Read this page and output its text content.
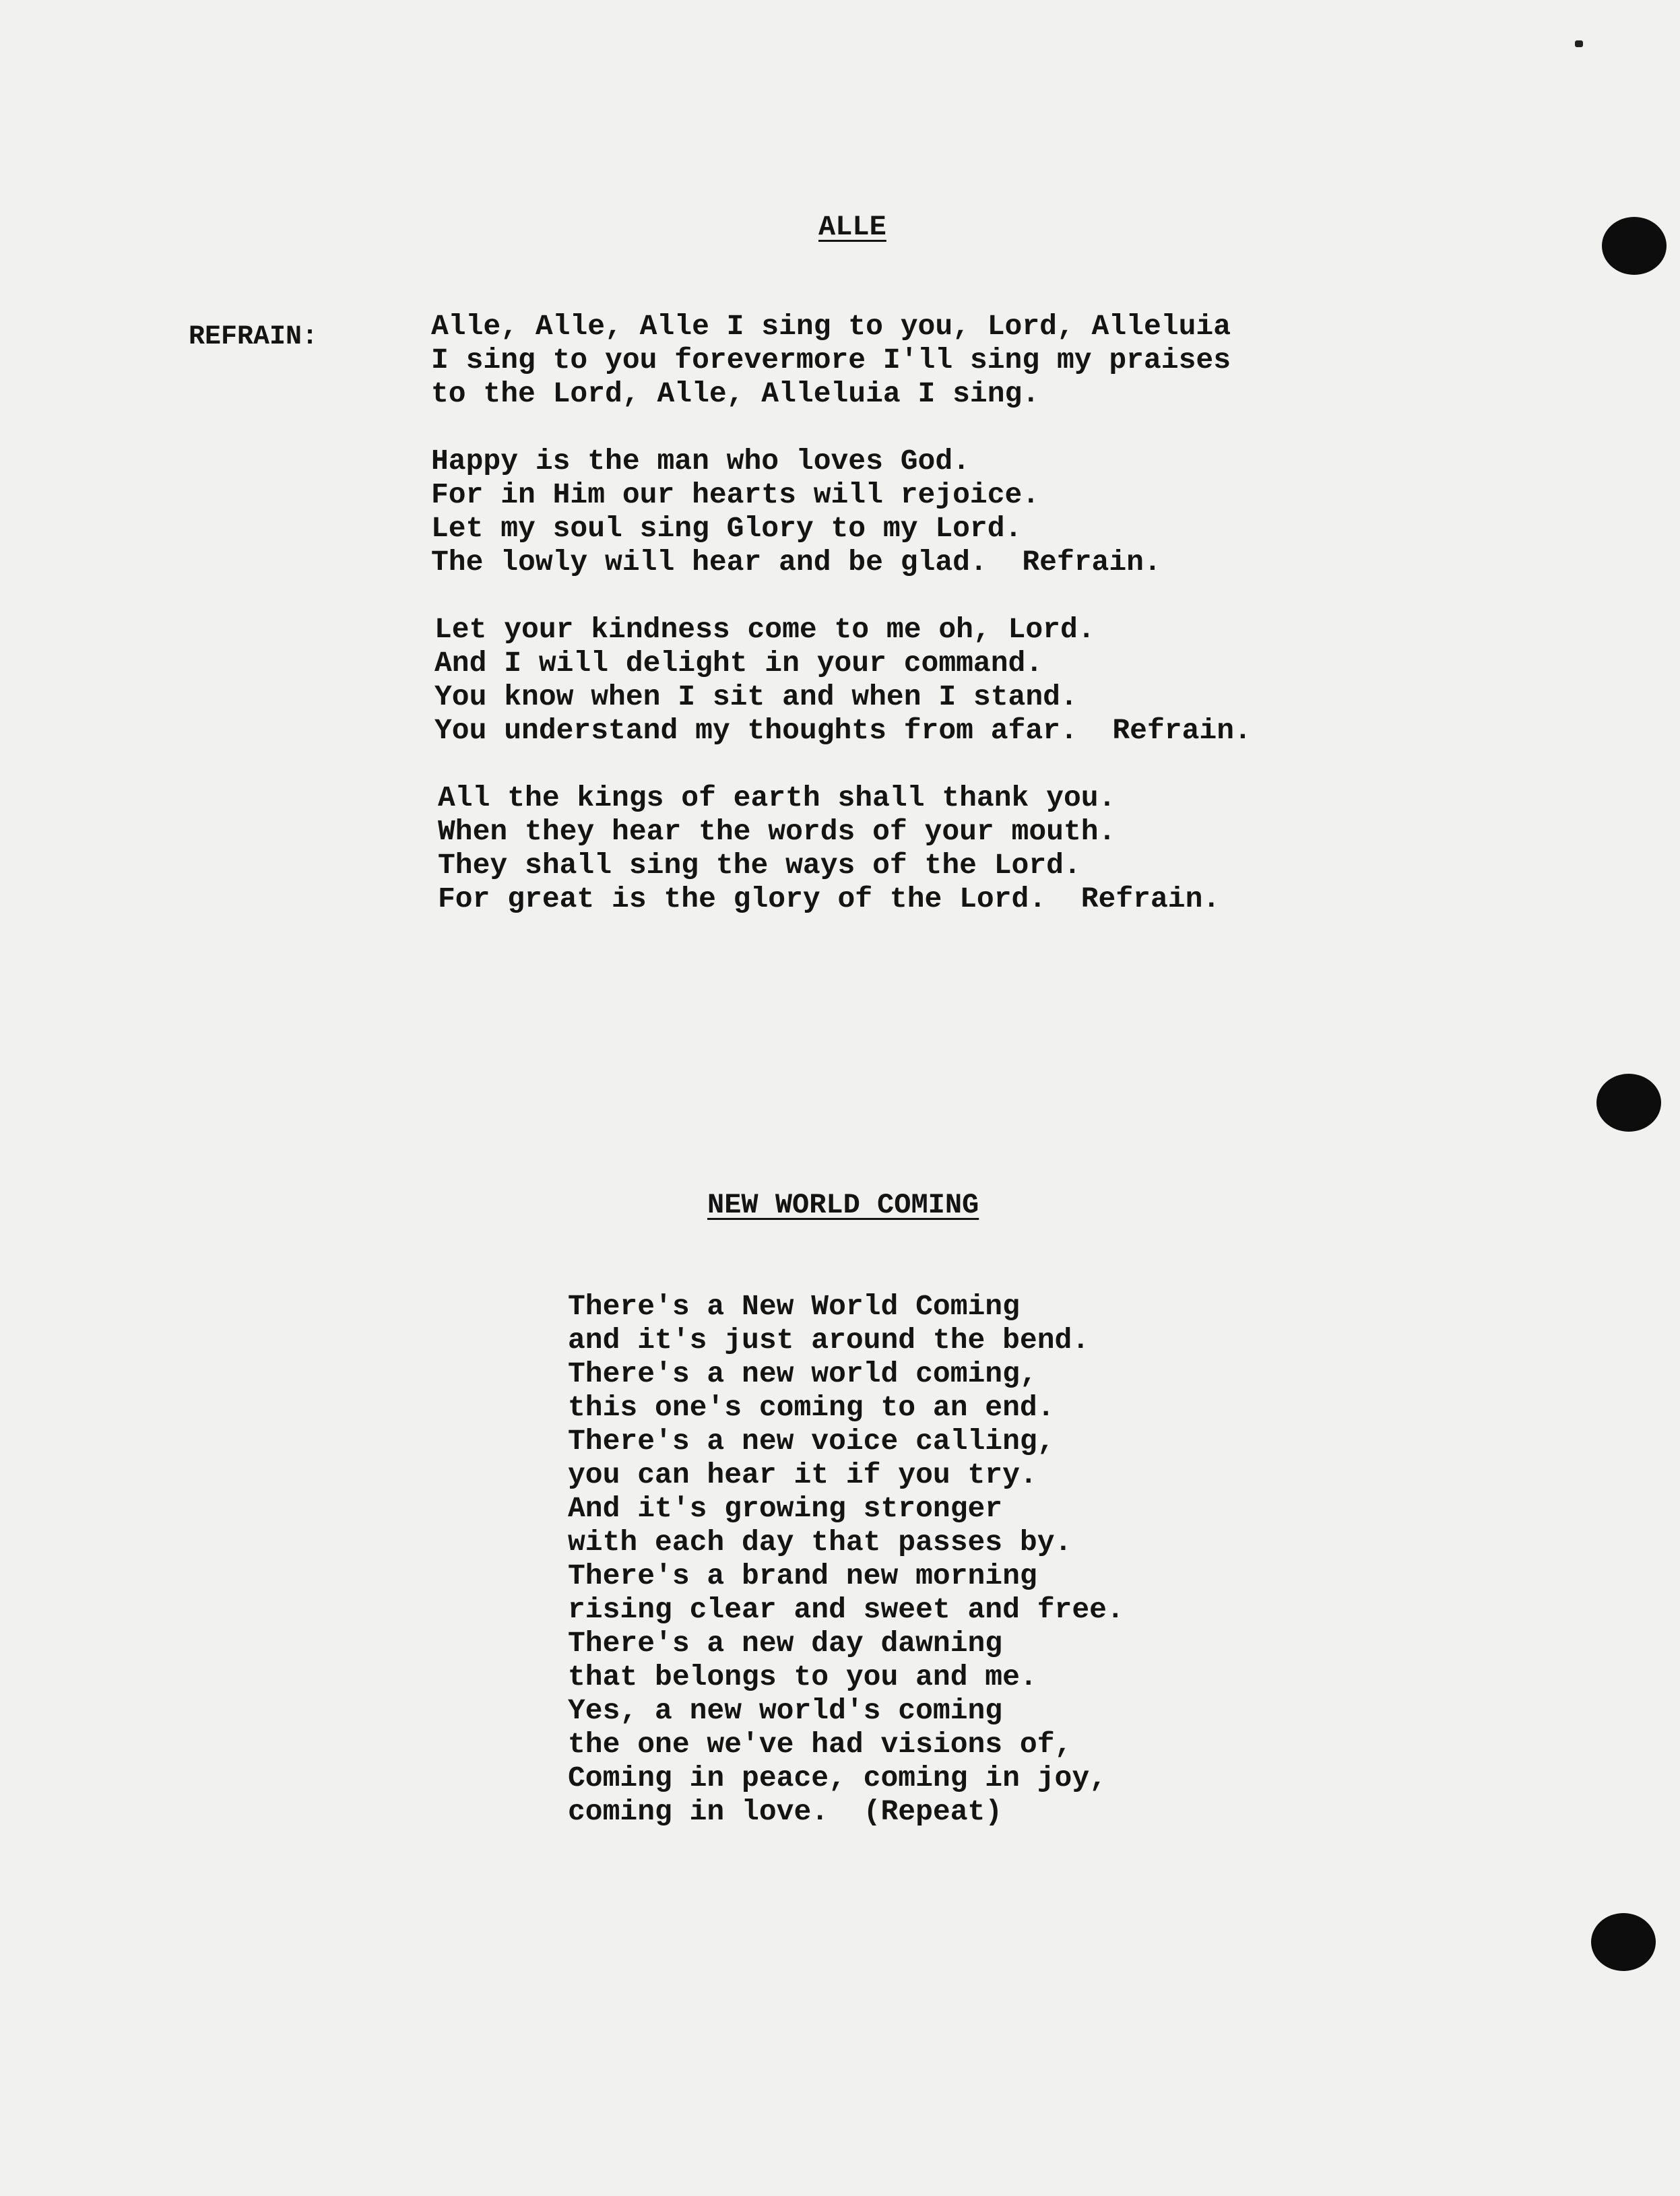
ALLE

REFRAIN:	Alle, Alle, Alle I sing to you, Lord, Alleluia

I sing to you forevermore I'll sing my praises

to the Lord, Alle, Alleluia I sing.

Happy is the man who loves God.

For in Him our hearts will rejoice.

Let my soul sing Glory to my Lord.

The lowly will hear and be glad.  Refrain.

Let your kindness come to me oh, Lord.

And I will delight in your command.

You know when I sit and when I stand.

You understand my thoughts from afar.  Refrain.

All the kings of earth shall thank you.

When they hear the words of your mouth.

They shall sing the ways of the Lord.

For great is the glory of the Lord.  Refrain.

NEW WORLD COMING

There's a New World Coming

and it's just around the bend.

There's a new world coming,

this one's coming to an end.

There's a new voice calling,

you can hear it if you try.

And it's growing stronger

with each day that passes by.

There's a brand new morning

rising clear and sweet and free.

There's a new day dawning

that belongs to you and me.

Yes, a new world's coming

the one we've had visions of,

Coming in peace, coming in joy,

coming in love.  (Repeat)
